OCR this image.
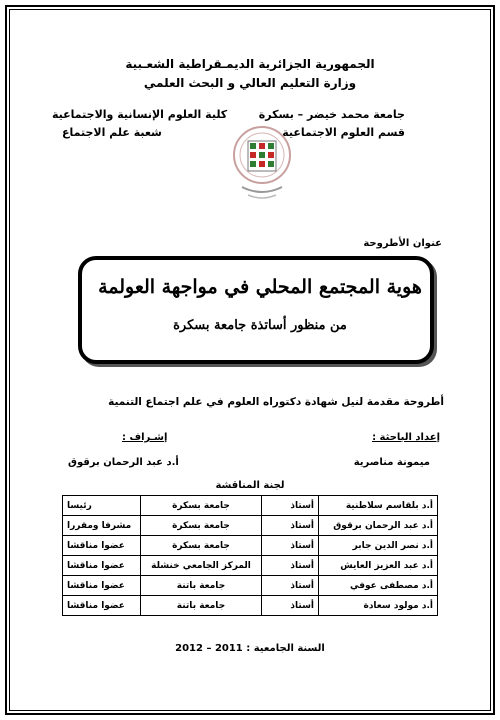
الجمهورية الجزائرية الديمـقراطية الشعـبية
وزارة التعليم العالي و البحث العلمي
جامعة محمد خيضر – بسكرة
كلية العلوم الإنسانية والاجتماعية
قسم العلوم الاجتماعية
شعبة علم الاجتماع
عنوان الأطروحة
هوية المجتمع المحلي في مواجهة العولمة
من منظور أساتذة جامعة بسكرة
أطروحة مقدمة لنيل شهادة دكتوراه العلوم في علم اجتماع التنمية
إعداد الباحثة :
إشـراف :
ميمونة مناصرية
أ.د عبد الرحمان برقوق
لجنة المناقشة
أ.د بلقاسم سلاطنية	أستاذ	جامعة بسكرة	رئيسا
أ.د عبد الرحمان برقوق	أستاذ	جامعة بسكرة	مشرفا ومقررا
أ.د نصر الدين جابر	أستاذ	جامعة بسكرة	عضوا مناقشا
أ.د عبد العزيز العايش	أستاذ	المركز الجامعي خنشلة	عضوا مناقشا
أ.د مصطفى عوفي	أستاذ	جامعة باتنة	عضوا مناقشا
أ.د مولود سعادة	أستاذ	جامعة باتنة	عضوا مناقشا
السنة الجامعية : 2011 – 2012
